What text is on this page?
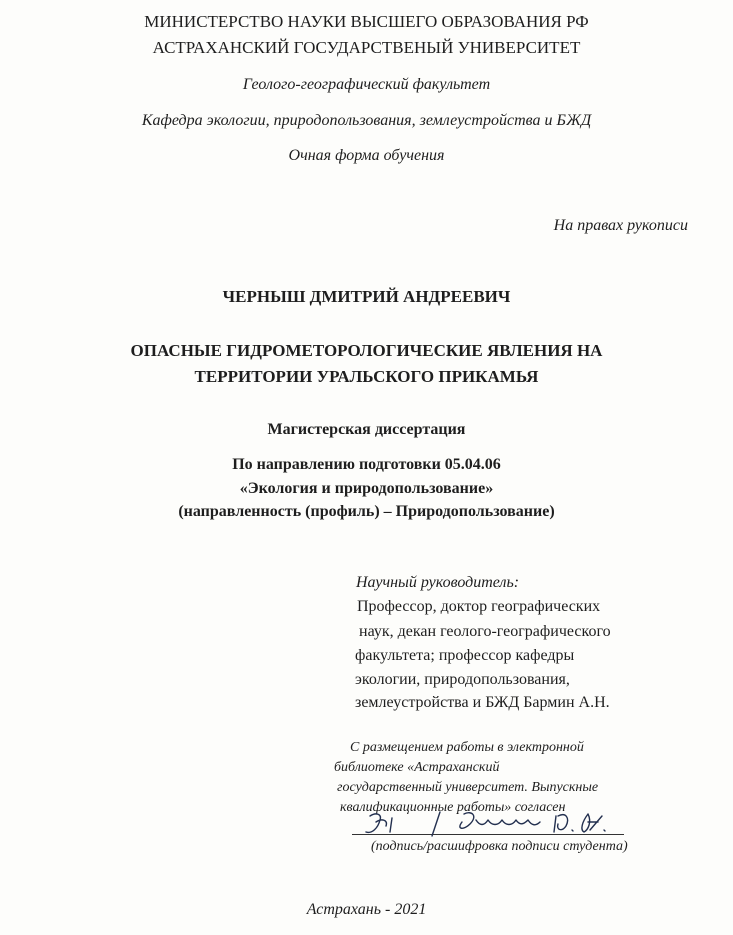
МИНИСТЕРСТВО НАУКИ ВЫСШЕГО ОБРАЗОВАНИЯ РФ
АСТРАХАНСКИЙ ГОСУДАРСТВЕНЫЙ УНИВЕРСИТЕТ
Геолого-географический факультет
Кафедра экологии, природопользования, землеустройства и БЖД
Очная форма обучения
На правах рукописи
ЧЕРНЫШ ДМИТРИЙ АНДРЕЕВИЧ
ОПАСНЫЕ ГИДРОМЕТОРОЛОГИЧЕСКИЕ ЯВЛЕНИЯ НА
ТЕРРИТОРИИ УРАЛЬСКОГО ПРИКАМЬЯ
Магистерская диссертация
По направлению подготовки 05.04.06
«Экология и природопользование»
(направленность (профиль) – Природопользование)
Научный руководитель:
Профессор, доктор географических
наук, декан геолого-географического
факультета; профессор кафедры
экологии, природопользования,
землеустройства и БЖД Бармин А.Н.
С размещением работы в электронной
библиотеке «Астраханский
государственный университет. Выпускные
квалификационные работы» согласен
(подпись/расшифровка подписи студента)
Астрахань - 2021
